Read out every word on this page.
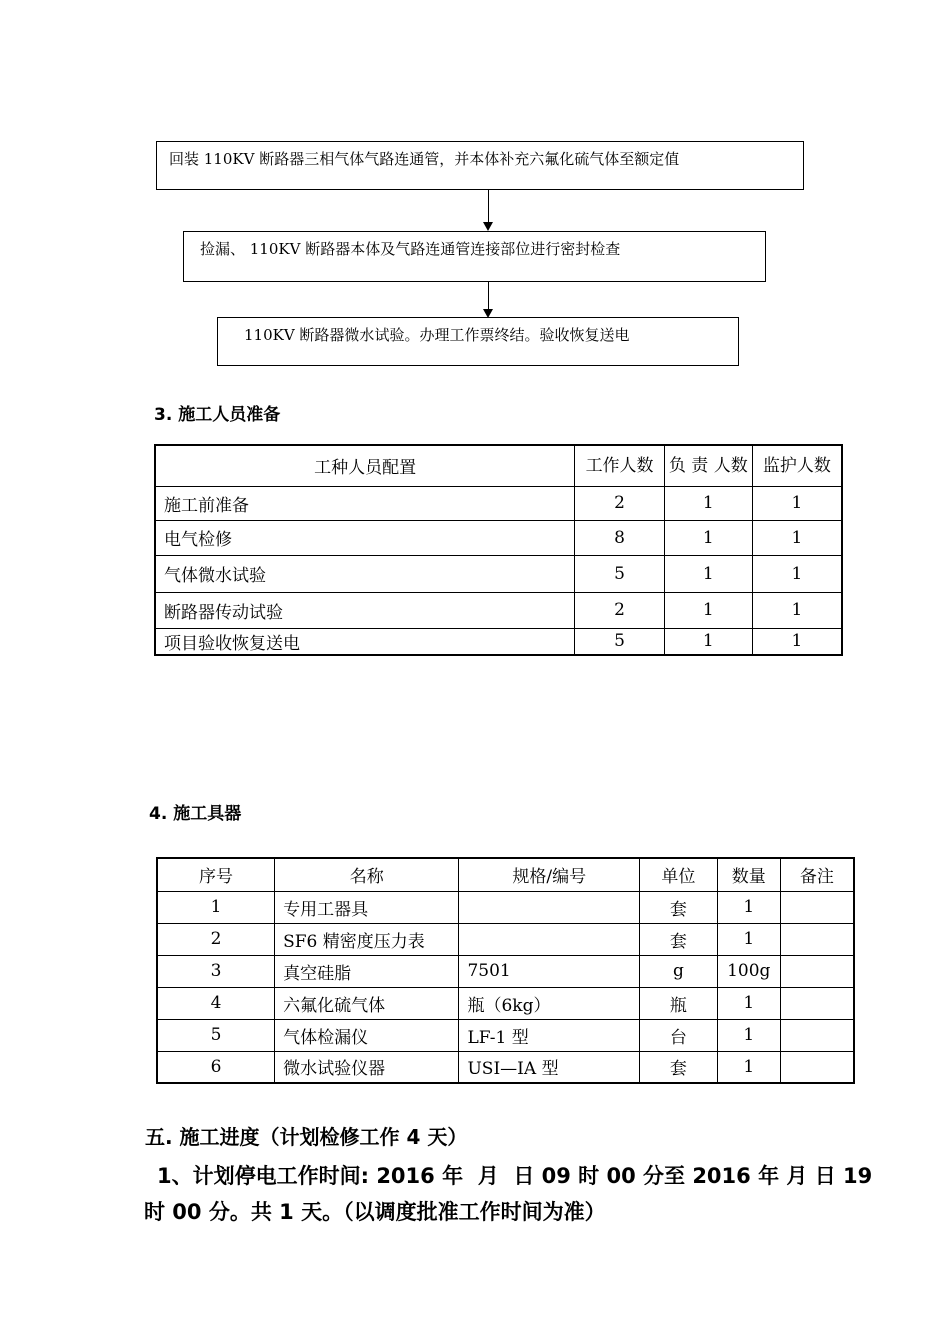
回装 110KV 断路器三相气体气路连通管，并本体补充六氟化硫气体至额定值
捡漏、 110KV 断路器本体及气路连通管连接部位进行密封检查
110KV 断路器微水试验。办理工作票终结。验收恢复送电
3. 施工人员准备
工种人员配置	工作人数	负 责 人数	监护人数
施工前准备	2	1	1
电气检修	8	1	1
气体微水试验	5	1	1
断路器传动试验	2	1	1
项目验收恢复送电	5	1	1
4. 施工具器
序号	名称	规格/编号	单位	数量	备注
1	专用工器具		套	1	
2	SF6 精密度压力表		套	1	
3	真空硅脂	7501	g	100g	
4	六氟化硫气体	瓶（6kg）	瓶	1	
5	气体检漏仪	LF-1 型	台	1	
6	微水试验仪器	USI—IA 型	套	1	
五. 施工进度（计划检修工作 4 天）
1、计划停电工作时间: 2016 年  月  日 09 时 00 分至 2016 年 月 日 19
时 00 分。共 1 天。（以调度批准工作时间为准）
